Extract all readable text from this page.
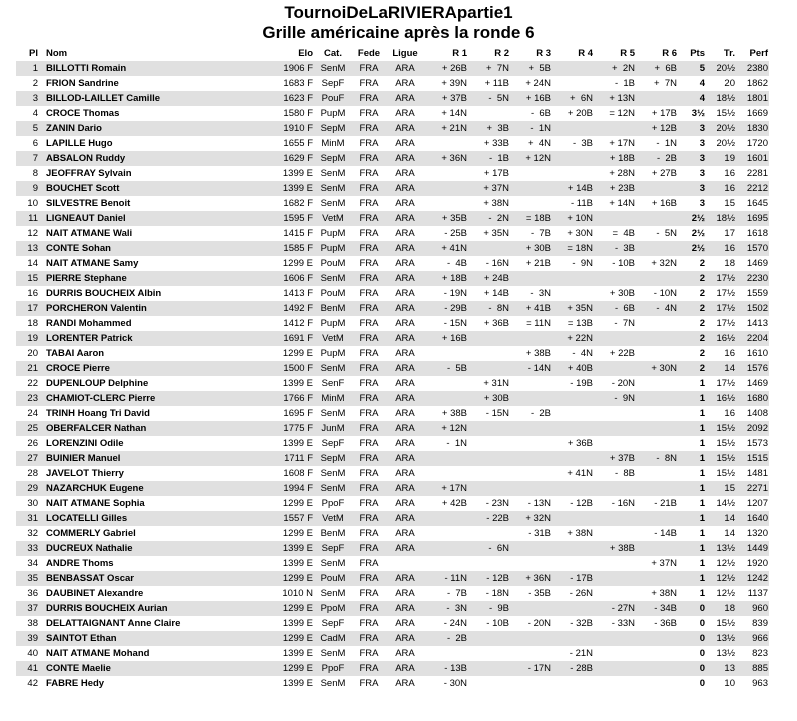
TournoiDeLaRIVIERApartie1
Grille américaine après la ronde 6
Pl	Nom	Elo	Cat.	Fede	Ligue	R 1	R 2	R 3	R 4	R 5	R 6	Pts	Tr.	Perf
1	BILLOTTI Romain	1906 F	SenM	FRA	ARA	+ 26B	+  7N	+  5B		+  2N	+  6B	5	20½	2380
2	FRION Sandrine	1683 F	SepF	FRA	ARA	+ 39N	+ 11B	+ 24N		-  1B	+  7N	4	20	1862
3	BILLOD-LAILLET Camille	1623 F	PouF	FRA	ARA	+ 37B	-  5N	+ 16B	+  6N	+ 13N		4	18½	1801
4	CROCE Thomas	1580 F	PupM	FRA	ARA	+ 14N		-  6B	+ 20B	= 12N	+ 17B	3½	15½	1669
5	ZANIN Dario	1910 F	SepM	FRA	ARA	+ 21N	+  3B	-  1N			+ 12B	3	20½	1830
6	LAPILLE Hugo	1655 F	MinM	FRA	ARA		+ 33B	+  4N	-  3B	+ 17N	-  1N	3	20½	1720
7	ABSALON Ruddy	1629 F	SepM	FRA	ARA	+ 36N	-  1B	+ 12N		+ 18B	-  2B	3	19	1601
8	JEOFFRAY Sylvain	1399 E	SenM	FRA	ARA		+ 17B			+ 28N	+ 27B	3	16	2281
9	BOUCHET Scott	1399 E	SenM	FRA	ARA		+ 37N		+ 14B	+ 23B		3	16	2212
10	SILVESTRE Benoit	1682 F	SenM	FRA	ARA		+ 38N		- 11B	+ 14N	+ 16B	3	15	1645
11	LIGNEAUT Daniel	1595 F	VetM	FRA	ARA	+ 35B	-  2N	= 18B	+ 10N			2½	18½	1695
12	NAIT ATMANE Wali	1415 F	PupM	FRA	ARA	- 25B	+ 35N	-  7B	+ 30N	=  4B	-  5N	2½	17	1618
13	CONTE Sohan	1585 F	PupM	FRA	ARA	+ 41N		+ 30B	= 18N	-  3B		2½	16	1570
14	NAIT ATMANE Samy	1299 E	PouM	FRA	ARA	-  4B	- 16N	+ 21B	-  9N	- 10B	+ 32N	2	18	1469
15	PIERRE Stephane	1606 F	SenM	FRA	ARA	+ 18B	+ 24B					2	17½	2230
16	DURRIS BOUCHEIX Albin	1413 F	PouM	FRA	ARA	- 19N	+ 14B	-  3N		+ 30B	- 10N	2	17½	1559
17	PORCHERON Valentin	1492 F	BenM	FRA	ARA	- 29B	-  8N	+ 41B	+ 35N	-  6B	-  4N	2	17½	1502
18	RANDI Mohammed	1412 F	PupM	FRA	ARA	- 15N	+ 36B	= 11N	= 13B	-  7N		2	17½	1413
19	LORENTER Patrick	1691 F	VetM	FRA	ARA	+ 16B			+ 22N			2	16½	2204
20	TABAI Aaron	1299 E	PupM	FRA	ARA			+ 38B	-  4N	+ 22B		2	16	1610
21	CROCE Pierre	1500 F	SenM	FRA	ARA	-  5B		- 14N	+ 40B		+ 30N	2	14	1576
22	DUPENLOUP Delphine	1399 E	SenF	FRA	ARA		+ 31N		- 19B	- 20N		1	17½	1469
23	CHAMIOT-CLERC Pierre	1766 F	MinM	FRA	ARA		+ 30B			-  9N		1	16½	1680
24	TRINH Hoang Tri David	1695 F	SenM	FRA	ARA	+ 38B	- 15N	-  2B				1	16	1408
25	OBERFALCER Nathan	1775 F	JunM	FRA	ARA	+ 12N						1	15½	2092
26	LORENZINI Odile	1399 E	SepF	FRA	ARA	-  1N			+ 36B			1	15½	1573
27	BUINIER Manuel	1711 F	SepM	FRA	ARA					+ 37B	-  8N	1	15½	1515
28	JAVELOT Thierry	1608 F	SenM	FRA	ARA				+ 41N	-  8B		1	15½	1481
29	NAZARCHUK Eugene	1994 F	SenM	FRA	ARA	+ 17N						1	15	2271
30	NAIT ATMANE Sophia	1299 E	PpoF	FRA	ARA	+ 42B	- 23N	- 13N	- 12B	- 16N	- 21B	1	14½	1207
31	LOCATELLI Gilles	1557 F	VetM	FRA	ARA		- 22B	+ 32N				1	14	1640
32	COMMERLY Gabriel	1299 E	BenM	FRA	ARA			- 31B	+ 38N		- 14B	1	14	1320
33	DUCREUX Nathalie	1399 E	SepF	FRA	ARA		-  6N			+ 38B		1	13½	1449
34	ANDRE Thoms	1399 E	SenM	FRA							+ 37N	1	12½	1920
35	BENBASSAT Oscar	1299 E	PouM	FRA	ARA	- 11N	- 12B	+ 36N	- 17B			1	12½	1242
36	DAUBINET Alexandre	1010 N	SenM	FRA	ARA	-  7B	- 18N	- 35B	- 26N		+ 38N	1	12½	1137
37	DURRIS BOUCHEIX Aurian	1299 E	PpoM	FRA	ARA	-  3N	-  9B			- 27N	- 34B	0	18	960
38	DELATTAIGNANT Anne Claire	1399 E	SepF	FRA	ARA	- 24N	- 10B	- 20N	- 32B	- 33N	- 36B	0	15½	839
39	SAINTOT Ethan	1299 E	CadM	FRA	ARA	-  2B						0	13½	966
40	NAIT ATMANE Mohand	1399 E	SenM	FRA	ARA				- 21N			0	13½	823
41	CONTE Maelie	1299 E	PpoF	FRA	ARA	- 13B		- 17N	- 28B			0	13	885
42	FABRE Hedy	1399 E	SenM	FRA	ARA	- 30N						0	10	963
